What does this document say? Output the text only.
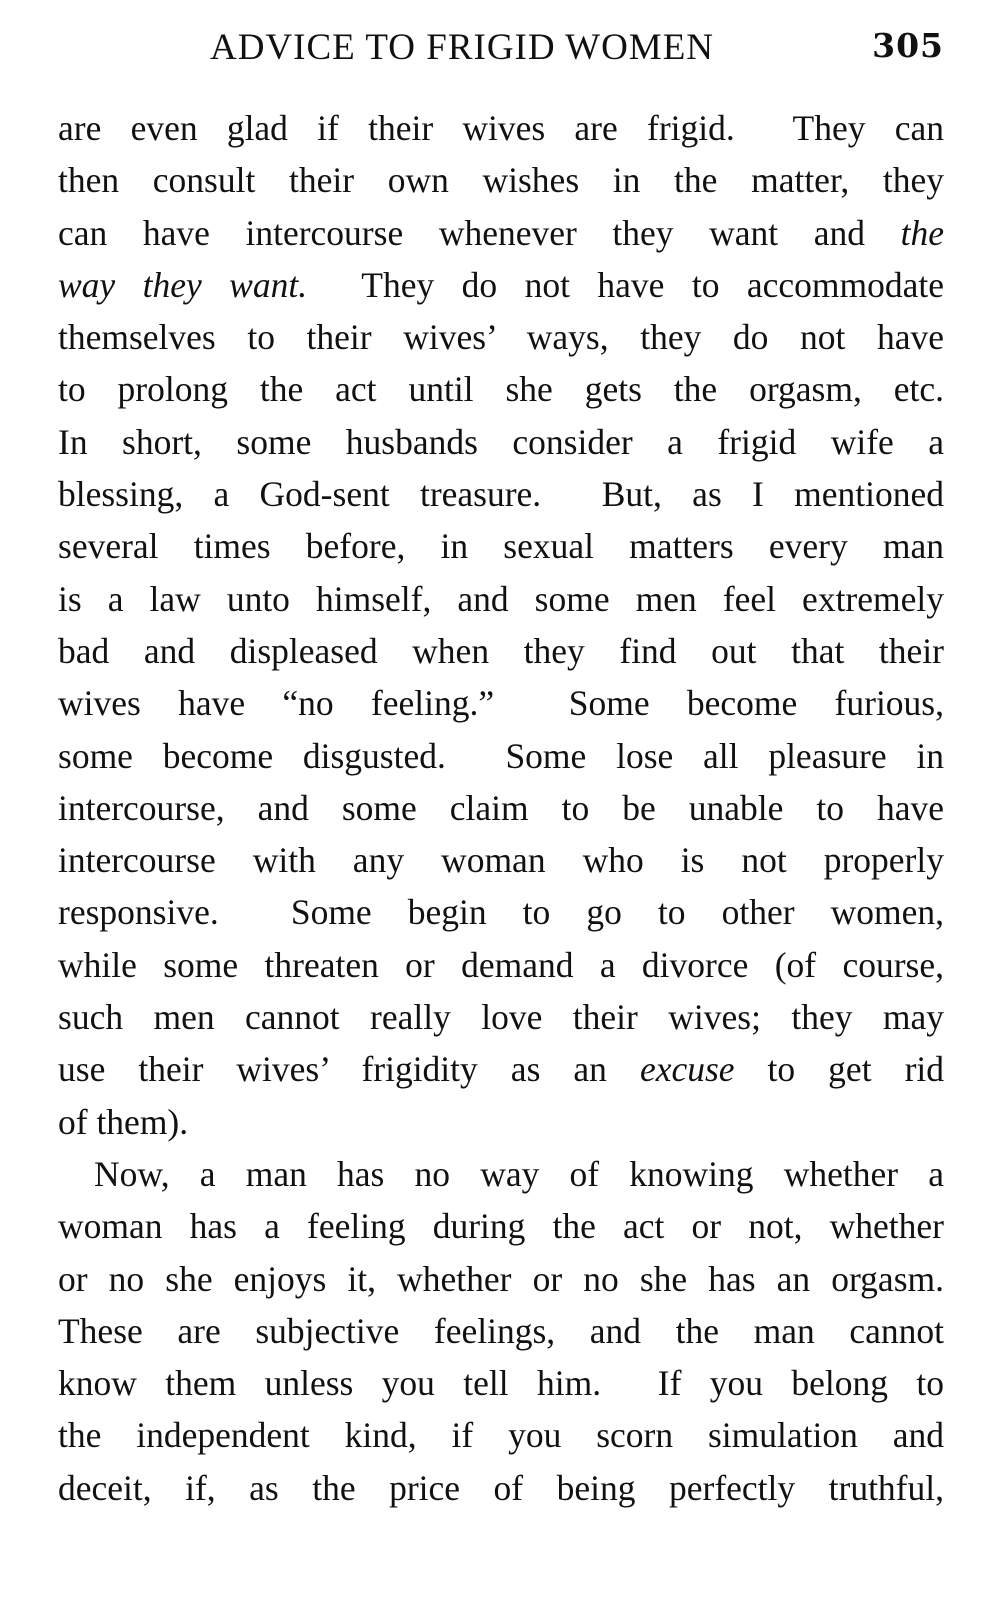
ADVICE TO FRIGID WOMEN	305
are even glad if their wives are frigid.  They can
then consult their own wishes in the matter, they
can have intercourse whenever they want and the
way they want.  They do not have to accommodate
themselves to their wives’ ways, they do not have
to prolong the act until she gets the orgasm, etc.
In short, some husbands consider a frigid wife a
blessing, a God-sent treasure.  But, as I mentioned
several times before, in sexual matters every man
is a law unto himself, and some men feel extremely
bad and displeased when they find out that their
wives have “no feeling.”  Some become furious,
some become disgusted.  Some lose all pleasure in
intercourse, and some claim to be unable to have
intercourse with any woman who is not properly
responsive.  Some begin to go to other women,
while some threaten or demand a divorce (of course,
such men cannot really love their wives; they may
use their wives’ frigidity as an excuse to get rid
of them).
Now, a man has no way of knowing whether a
woman has a feeling during the act or not, whether
or no she enjoys it, whether or no she has an orgasm.
These are subjective feelings, and the man cannot
know them unless you tell him.  If you belong to
the independent kind, if you scorn simulation and
deceit, if, as the price of being perfectly truthful,
